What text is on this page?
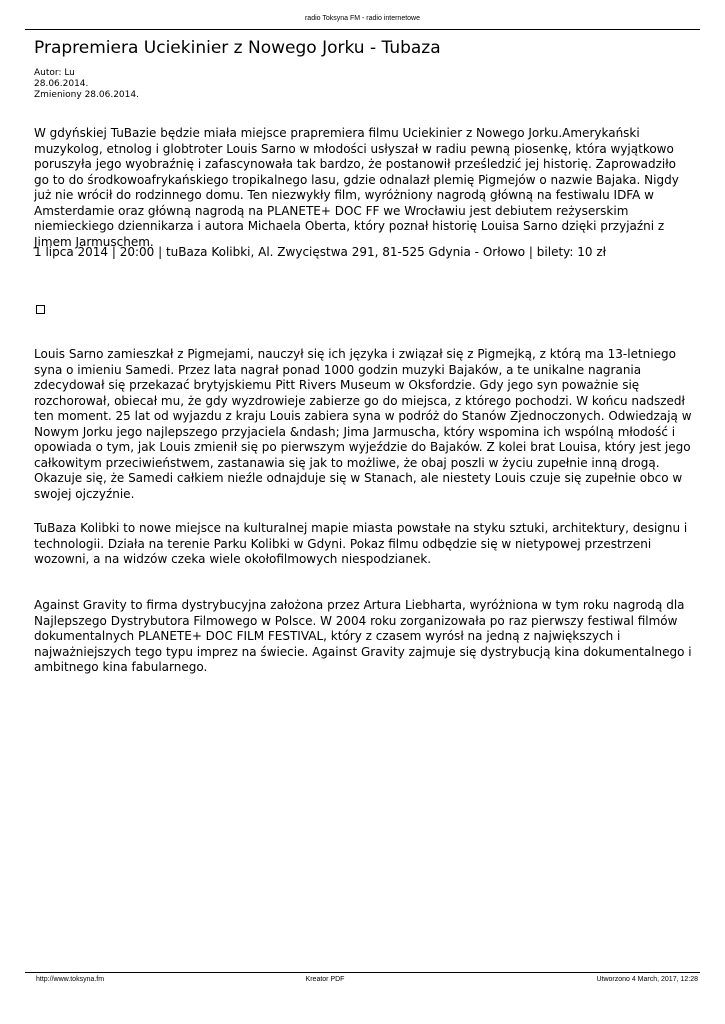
radio Toksyna FM - radio internetowe
Prapremiera Uciekinier z Nowego Jorku - Tubaza
Autor: Lu
28.06.2014.
Zmieniony 28.06.2014.

W gdyńskiej TuBazie będzie miała miejsce prapremiera filmu Uciekinier z Nowego Jorku.Amerykański muzykolog, etnolog i globtroter Louis Sarno w młodości usłyszał w radiu pewną piosenkę, która wyjątkowo poruszyła jego wyobraźnię i zafascynowała tak bardzo, że postanowił prześledzić jej historię. Zaprowadziło go to do środkowoafrykańskiego tropikalnego lasu, gdzie odnalazł plemię Pigmejów o nazwie Bajaka. Nigdy już nie wrócił do rodzinnego domu. Ten niezwykły film, wyróżniony nagrodą główną na festiwalu IDFA w Amsterdamie oraz główną nagrodą na PLANETE+ DOC FF we Wrocławiu jest debiutem reżyserskim niemieckiego dziennikarza i autora Michaela Oberta, który poznał historię Louisa Sarno dzięki przyjaźni z Jimem Jarmuschem.

1 lipca 2014 | 20:00 | tuBaza Kolibki, Al. Zwycięstwa 291, 81-525 Gdynia - Orłowo | bilety: 10 zł

Louis Sarno zamieszkał z Pigmejami, nauczył się ich języka i związał się z Pigmejką, z którą ma 13-letniego syna o imieniu Samedi. Przez lata nagrał ponad 1000 godzin muzyki Bajaków, a te unikalne nagrania zdecydował się przekazać brytyjskiemu Pitt Rivers Museum w Oksfordzie. Gdy jego syn poważnie się rozchorował, obiecał mu, że gdy wyzdrowieje zabierze go do miejsca, z którego pochodzi. W końcu nadszedł ten moment. 25 lat od wyjazdu z kraju Louis zabiera syna w podróż do Stanów Zjednoczonych. Odwiedzają w Nowym Jorku jego najlepszego przyjaciela &ndash; Jima Jarmuscha, który wspomina ich wspólną młodość i opowiada o tym, jak Louis zmienił się po pierwszym wyjeździe do Bajaków. Z kolei brat Louisa, który jest jego całkowitym przeciwieństwem, zastanawia się jak to możliwe, że obaj poszli w życiu zupełnie inną drogą. Okazuje się, że Samedi całkiem nieźle odnajduje się w Stanach, ale niestety Louis czuje się zupełnie obco w swojej ojczyźnie.

TuBaza Kolibki to nowe miejsce na kulturalnej mapie miasta powstałe na styku sztuki, architektury, designu i technologii. Działa na terenie Parku Kolibki w Gdyni. Pokaz filmu odbędzie się w nietypowej przestrzeni wozowni, a na widzów czeka wiele okołofilmowych niespodzianek.

Against Gravity to firma dystrybucyjna założona przez Artura Liebharta, wyróżniona w tym roku nagrodą dla Najlepszego Dystrybutora Filmowego w Polsce. W 2004 roku zorganizowała po raz pierwszy festiwal filmów dokumentalnych PLANETE+ DOC FILM FESTIVAL, który z czasem wyrósł na jedną z największych i najważniejszych tego typu imprez na świecie. Against Gravity zajmuje się dystrybucją kina dokumentalnego i ambitnego kina fabularnego.

http://www.toksyna.fm	Kreator PDF	Utworzono 4 March, 2017, 12:28
